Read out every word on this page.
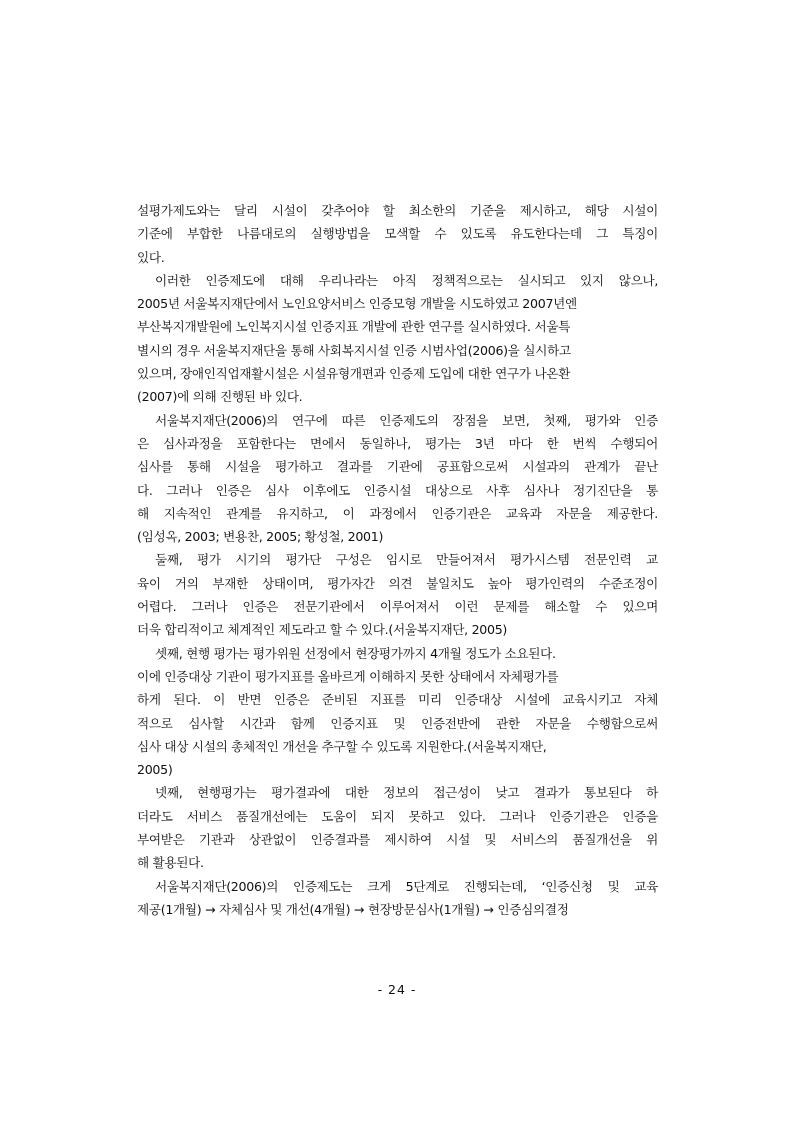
설평가제도와는 달리 시설이 갖추어야 할 최소한의 기준을 제시하고, 해당 시설이
기준에 부합한 나름대로의 실행방법을 모색할 수 있도록 유도한다는데 그 특징이
있다.
이러한 인증제도에 대해 우리나라는 아직 정책적으로는 실시되고 있지 않으나,
2005년 서울복지재단에서 노인요양서비스 인증모형 개발을 시도하였고 2007년엔
부산복지개발원에 노인복지시설 인증지표 개발에 관한 연구를 실시하였다. 서울특
별시의 경우 서울복지재단을 통해 사회복지시설 인증 시범사업(2006)을 실시하고
있으며, 장애인직업재활시설은 시설유형개편과 인증제 도입에 대한 연구가 나온환
(2007)에 의해 진행된 바 있다.
서울복지재단(2006)의 연구에 따른 인증제도의 장점을 보면, 첫째, 평가와 인증
은 심사과정을 포함한다는 면에서 동일하나, 평가는 3년 마다 한 번씩 수행되어
심사를 통해 시설을 평가하고 결과를 기관에 공표함으로써 시설과의 관계가 끝난
다. 그러나 인증은 심사 이후에도 인증시설 대상으로 사후 심사나 정기진단을 통
해 지속적인 관계를 유지하고, 이 과정에서 인증기관은 교육과 자문을 제공한다.
(임성옥, 2003; 변용찬, 2005; 황성철, 2001)
둘째, 평가 시기의 평가단 구성은 임시로 만들어져서 평가시스템 전문인력 교
육이 거의 부재한 상태이며, 평가자간 의견 불일치도 높아 평가인력의 수준조정이
어렵다. 그러나 인증은 전문기관에서 이루어져서 이런 문제를 해소할 수 있으며
더욱 합리적이고 체계적인 제도라고 할 수 있다.(서울복지재단, 2005)
셋째, 현행 평가는 평가위원 선정에서 현장평가까지 4개월 정도가 소요된다.
이에 인증대상 기관이 평가지표를 올바르게 이해하지 못한 상태에서 자체평가를
하게 된다. 이 반면 인증은 준비된 지표를 미리 인증대상 시설에 교육시키고 자체
적으로 심사할 시간과 함께 인증지표 및 인증전반에 관한 자문을 수행함으로써
심사 대상 시설의 총체적인 개선을 추구할 수 있도록 지원한다.(서울복지재단,
2005)
넷째, 현행평가는 평가결과에 대한 정보의 접근성이 낮고 결과가 통보된다 하
더라도 서비스 품질개선에는 도움이 되지 못하고 있다. 그러나 인증기관은 인증을
부여받은 기관과 상관없이 인증결과를 제시하여 시설 및 서비스의 품질개선을 위
해 활용된다.
서울복지재단(2006)의 인증제도는 크게 5단계로 진행되는데, ‘인증신청 및 교육
제공(1개월) → 자체심사 및 개선(4개월) → 현장방문심사(1개월) → 인증심의결정
- 24 -
